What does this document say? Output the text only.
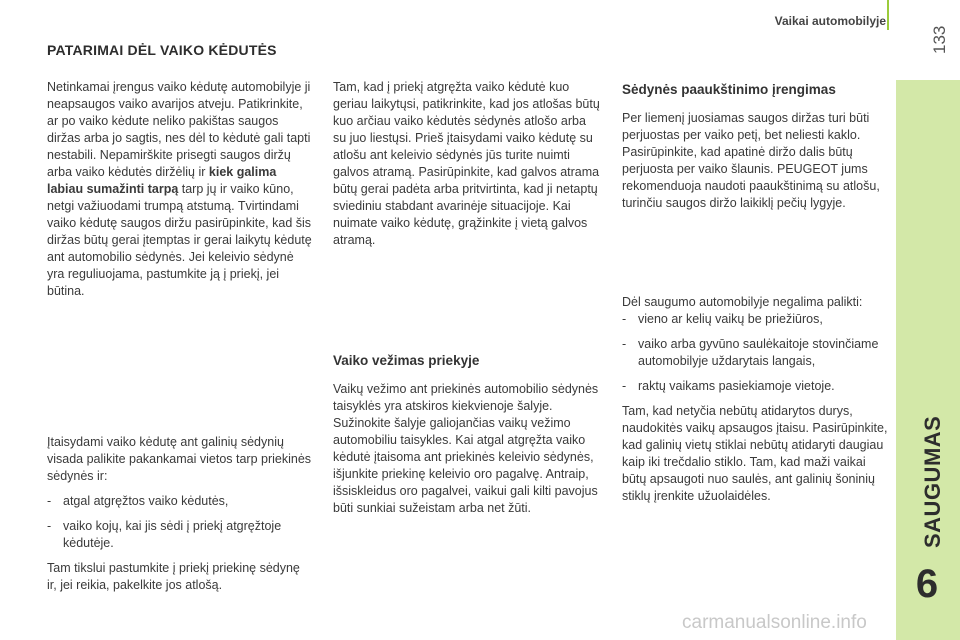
Vaikai automobilyje
133
SAUGUMAS
6
carmanualsonline.info
PATARIMAI DĖL VAIKO KĖDUTĖS

Netinkamai įrengus vaiko kėdutę automobilyje ji neapsaugos vaiko avarijos atveju. Patikrinkite, ar po vaiko kėdute neliko pakištas saugos diržas arba jo sagtis, nes dėl to kėdutė gali tapti nestabili. Nepamirškite prisegti saugos diržų arba vaiko kėdutės diržėlių ir kiek galima labiau sumažinti tarpą tarp jų ir vaiko kūno, netgi važiuodami trumpą atstumą. Tvirtindami vaiko kėdutę saugos diržu pasirūpinkite, kad šis diržas būtų gerai įtemptas ir gerai laikytų kėdutę ant automobilio sėdynės. Jei keleivio sėdynė yra reguliuojama, pastumkite ją į priekį, jei būtina.

Įtaisydami vaiko kėdutę ant galinių sėdynių visada palikite pakankamai vietos tarp priekinės sėdynės ir:

- atgal atgręžtos vaiko kėdutės,

- vaiko kojų, kai jis sėdi į priekį atgręžtoje kėdutėje.

Tam tikslui pastumkite į priekį priekinę sėdynę ir, jei reikia, pakelkite jos atlošą.

Tam, kad į priekį atgręžta vaiko kėdutė kuo geriau laikytųsi, patikrinkite, kad jos atlošas būtų kuo arčiau vaiko kėdutės sėdynės atlošo arba su juo liestųsi. Prieš įtaisydami vaiko kėdutę su atlošu ant keleivio sėdynės jūs turite nuimti galvos atramą. Pasirūpinkite, kad galvos atrama būtų gerai padėta arba pritvirtinta, kad ji netaptų sviediniu stabdant avarinėje situacijoje. Kai nuimate vaiko kėdutę, grąžinkite į vietą galvos atramą.

Vaiko vežimas priekyje

Vaikų vežimo ant priekinės automobilio sėdynės taisyklės yra atskiros kiekvienoje šalyje. Sužinokite šalyje galiojančias vaikų vežimo automobiliu taisykles. Kai atgal atgręžta vaiko kėdutė įtaisoma ant priekinės keleivio sėdynės, išjunkite priekinę keleivio oro pagalvę. Antraip, išsiskleidus oro pagalvei, vaikui gali kilti pavojus būti sunkiai sužeistam arba net žūti.

Sėdynės paaukštinimo įrengimas

Per liemenį juosiamas saugos diržas turi būti perjuostas per vaiko petį, bet neliesti kaklo. Pasirūpinkite, kad apatinė diržo dalis būtų perjuosta per vaiko šlaunis. PEUGEOT jums rekomenduoja naudoti paaukštinimą su atlošu, turinčiu saugos diržo laikiklį pečių lygyje.

Dėl saugumo automobilyje negalima palikti:

- vieno ar kelių vaikų be priežiūros,

- vaiko arba gyvūno saulėkaitoje stovinčiame automobilyje uždarytais langais,

- raktų vaikams pasiekiamoje vietoje.

Tam, kad netyčia nebūtų atidarytos durys, naudokitės vaikų apsaugos įtaisu. Pasirūpinkite, kad galinių vietų stiklai nebūtų atidaryti daugiau kaip iki trečdalio stiklo. Tam, kad maži vaikai būtų apsaugoti nuo saulės, ant galinių šoninių stiklų įrenkite užuolaidėles.
